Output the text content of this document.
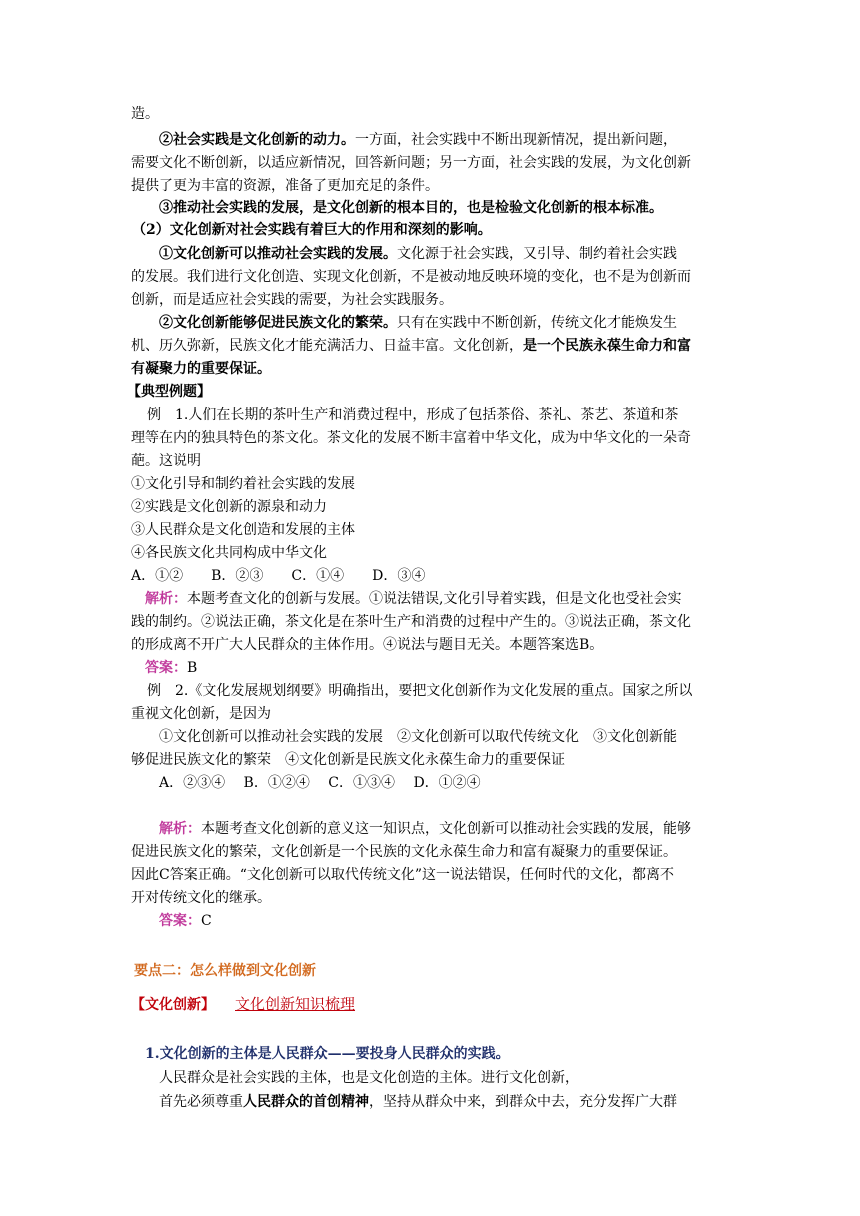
造。
②社会实践是文化创新的动力。一方面，社会实践中不断出现新情况，提出新问题，
需要文化不断创新，以适应新情况，回答新问题；另一方面，社会实践的发展，为文化创新
提供了更为丰富的资源，准备了更加充足的条件。
③推动社会实践的发展，是文化创新的根本目的，也是检验文化创新的根本标准。
（2）文化创新对社会实践有着巨大的作用和深刻的影响。
①文化创新可以推动社会实践的发展。文化源于社会实践，又引导、制约着社会实践
的发展。我们进行文化创造、实现文化创新，不是被动地反映环境的变化，也不是为创新而
创新，而是适应社会实践的需要，为社会实践服务。
②文化创新能够促进民族文化的繁荣。只有在实践中不断创新，传统文化才能焕发生
机、历久弥新，民族文化才能充满活力、日益丰富。文化创新，是一个民族永葆生命力和富
有凝聚力的重要保证。
【典型例题】
例　1.人们在长期的茶叶生产和消费过程中，形成了包括茶俗、茶礼、茶艺、茶道和茶
理等在内的独具特色的茶文化。茶文化的发展不断丰富着中华文化，成为中华文化的一朵奇
葩。这说明
①文化引导和制约着社会实践的发展
②实践是文化创新的源泉和动力
③人民群众是文化创造和发展的主体
④各民族文化共同构成中华文化
A．①②　　B．②③　　C．①④　　D．③④
解析：本题考查文化的创新与发展。①说法错误,文化引导着实践，但是文化也受社会实
践的制约。②说法正确，茶文化是在茶叶生产和消费的过程中产生的。③说法正确，茶文化
的形成离不开广大人民群众的主体作用。④说法与题目无关。本题答案选B。
答案：B
例　2.《文化发展规划纲要》明确指出，要把文化创新作为文化发展的重点。国家之所以
重视文化创新，是因为
①文化创新可以推动社会实践的发展　②文化创新可以取代传统文化　③文化创新能
够促进民族文化的繁荣　④文化创新是民族文化永葆生命力的重要保证
A．②③④　 B．①②④　 C．①③④　 D．①②④
解析：本题考查文化创新的意义这一知识点，文化创新可以推动社会实践的发展，能够
促进民族文化的繁荣，文化创新是一个民族的文化永葆生命力和富有凝聚力的重要保证。
因此C答案正确。“文化创新可以取代传统文化”这一说法错误，任何时代的文化，都离不
开对传统文化的继承。
答案：C
要点二：怎么样做到文化创新
【文化创新】 文化创新知识梳理
1.文化创新的主体是人民群众——要投身人民群众的实践。
人民群众是社会实践的主体，也是文化创造的主体。进行文化创新，
首先必须尊重人民群众的首创精神，坚持从群众中来，到群众中去，充分发挥广大群
